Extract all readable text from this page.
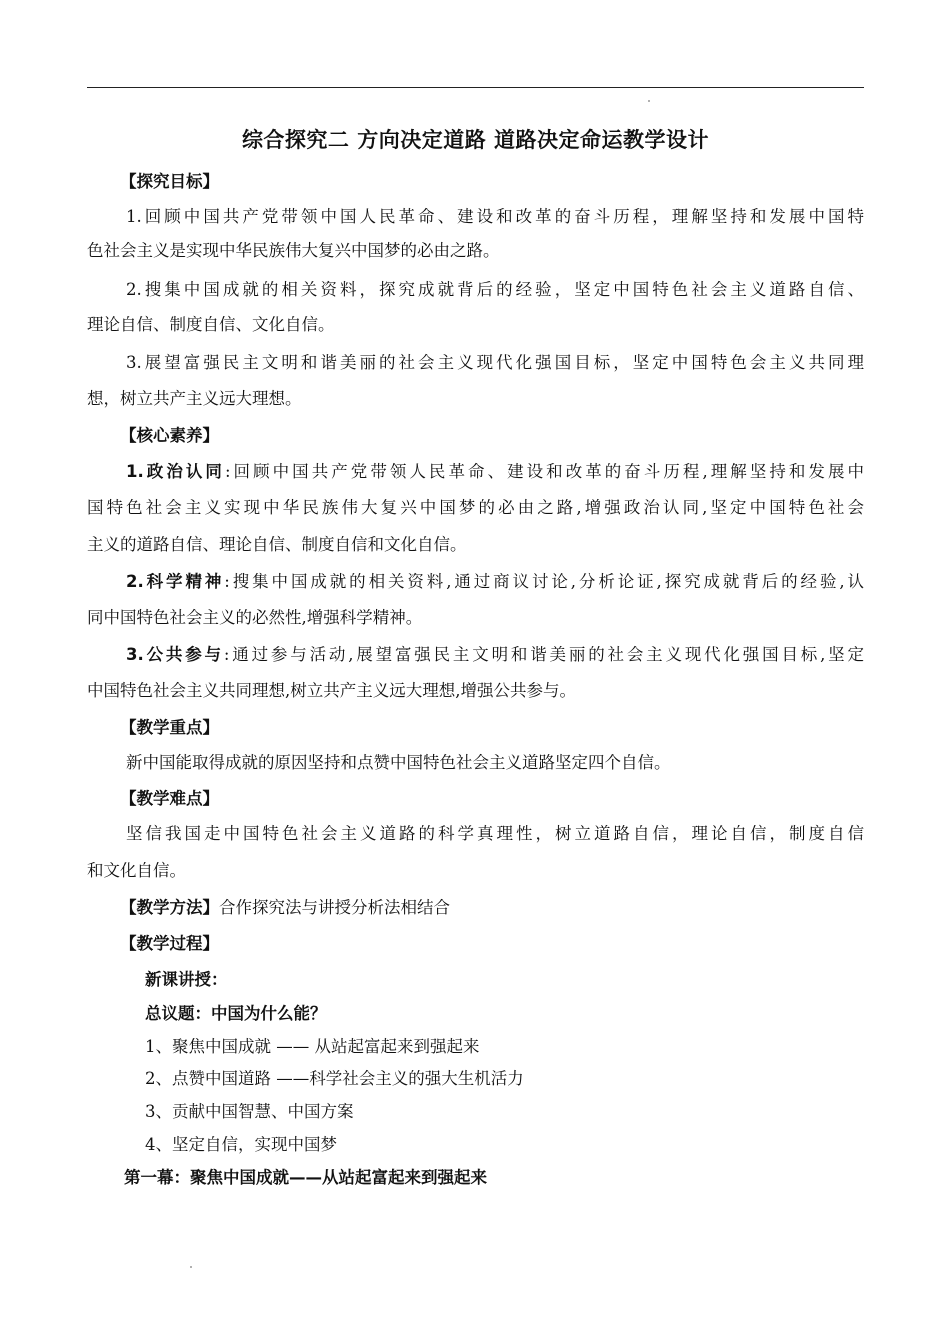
综合探究二 方向决定道路 道路决定命运教学设计
【探究目标】
1.回顾中国共产党带领中国人民革命、建设和改革的奋斗历程，理解坚持和发展中国特
色社会主义是实现中华民族伟大复兴中国梦的必由之路。
2.搜集中国成就的相关资料，探究成就背后的经验，坚定中国特色社会主义道路自信、
理论自信、制度自信、文化自信。
3.展望富强民主文明和谐美丽的社会主义现代化强国目标，坚定中国特色会主义共同理
想，树立共产主义远大理想。
【核心素养】
1.政治认同:回顾中国共产党带领人民革命、建设和改革的奋斗历程,理解坚持和发展中
国特色社会主义实现中华民族伟大复兴中国梦的必由之路,增强政治认同,坚定中国特色社会
主义的道路自信、理论自信、制度自信和文化自信。
2.科学精神:搜集中国成就的相关资料,通过商议讨论,分析论证,探究成就背后的经验,认
同中国特色社会主义的必然性,增强科学精神。
3.公共参与:通过参与活动,展望富强民主文明和谐美丽的社会主义现代化强国目标,坚定
中国特色社会主义共同理想,树立共产主义远大理想,增强公共参与。
【教学重点】
新中国能取得成就的原因坚持和点赞中国特色社会主义道路坚定四个自信。
【教学难点】
坚信我国走中国特色社会主义道路的科学真理性，树立道路自信，理论自信，制度自信
和文化自信。
【教学方法】合作探究法与讲授分析法相结合
【教学过程】
新课讲授：
总议题：中国为什么能？
1、聚焦中国成就 —— 从站起富起来到强起来
2、点赞中国道路 ——科学社会主义的强大生机活力
3、贡献中国智慧、中国方案
4、坚定自信，实现中国梦
第一幕：聚焦中国成就——从站起富起来到强起来
